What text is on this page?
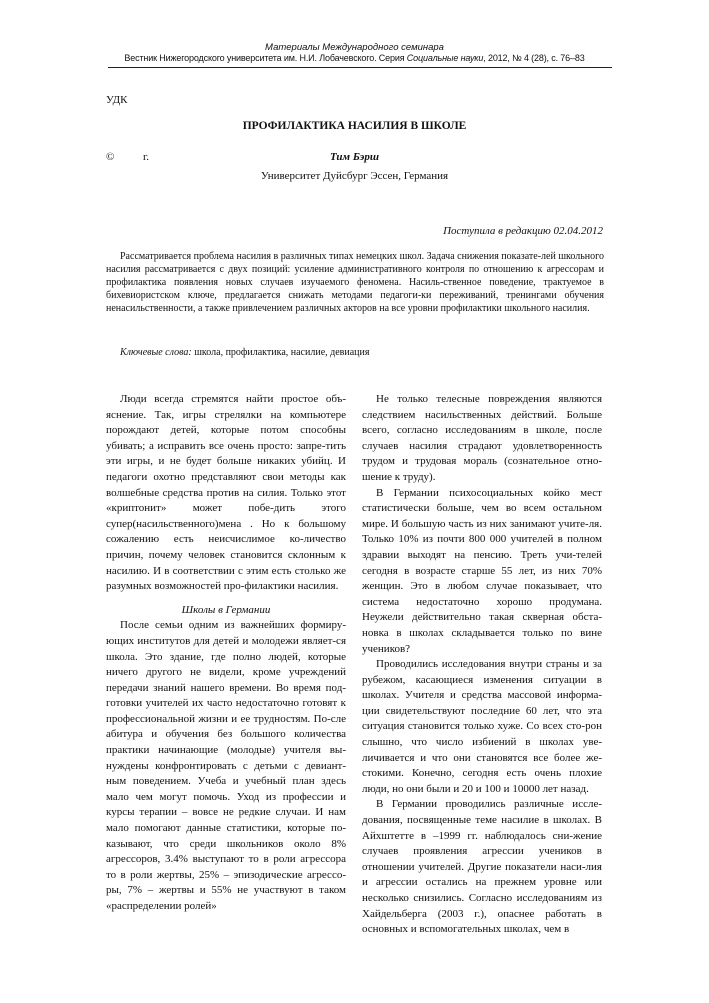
Материалы Международного семинара
Вестник Нижегородского университета им. Н.И. Лобачевского. Серия Социальные науки, 2012, № 4 (28), с. 76–83
УДК
ПРОФИЛАКТИКА НАСИЛИЯ В ШКОЛЕ
©	г.	Тим Бэрш
Университет Дуйсбург Эссен, Германия
Поступила в редакцию 02.04.2012
Рассматривается проблема насилия в различных типах немецких школ. Задача снижения показате-лей школьного насилия рассматривается с двух позиций: усиление административного контроля по отношению к агрессорам и профилактика появления новых случаев изучаемого феномена. Насиль-ственное поведение, трактуемое в бихевиористском ключе, предлагается снижать методами педагоги-ки переживаний, тренингами обучения ненасильственности, а также привлечением различных акторов на все уровни профилактики школьного насилия.
Ключевые слова: школа, профилактика, насилие, девиация

Люди всегда стремятся найти простое объ-яснение. Так, игры стрелялки на компьютере порождают детей, которые потом способны убивать; а исправить все очень просто: запре-тить эти игры, и не будет больше никаких убийц. И педагоги охотно представляют свои методы как волшебные средства против на силия. Только этот «криптонит» может побе-дить этого супер(насильственного)мена . Но к большому сожалению есть неисчислимое ко-личество причин, почему человек становится склонным к насилию. И в соответствии с этим есть столько же разумных возможностей про-филактики насилия.

Школы в Германии

После семьи одним из важнейших формиру-ющих институтов для детей и молодежи являет-ся школа. Это здание, где полно людей, которые ничего другого не видели, кроме учреждений передачи знаний нашего времени. Во время под-готовки учителей их часто недостаточно готовят к профессиональной жизни и ее трудностям. По-сле абитура и обучения без большого количества практики начинающие (молодые) учителя вы-нуждены конфронтировать с детьми с девиант-ным поведением. Учеба и учебный план здесь мало чем могут помочь. Уход из профессии и курсы терапии – вовсе не редкие случаи. И нам мало помогают данные статистики, которые по-казывают, что среди школьников около 8% агрессоров, 3.4% выступают то в роли агрессора то в роли жертвы, 25% – эпизодические агрессо-ры, 7% – жертвы и 55% не участвуют в таком «распределении ролей»

Не только телесные повреждения являются следствием насильственных действий. Больше всего, согласно исследованиям в школе, после случаев насилия страдают удовлетворенность трудом и трудовая мораль (сознательное отно-шение к труду).

В Германии психосоциальных койко мест статистически больше, чем во всем остальном мире. И большую часть из них занимают учите-ля. Только 10% из почти 800 000 учителей в полном здравии выходят на пенсию. Треть учи-телей сегодня в возрасте старше 55 лет, из них 70% женщин. Это в любом случае показывает, что система недостаточно хорошо продумана. Неужели действительно такая скверная обста-новка в школах складывается только по вине учеников?

Проводились исследования внутри страны и за рубежом, касающиеся изменения ситуации в школах. Учителя и средства массовой информа-ции свидетельствуют последние 60 лет, что эта ситуация становится только хуже. Со всех сто-рон слышно, что число избиений в школах уве-личивается и что они становятся все более же-стокими. Конечно, сегодня есть очень плохие люди, но они были и 20 и 100 и 10000 лет назад.

В Германии проводились различные иссле-дования, посвященные теме насилие в школах. В Айхштетте в –1999 гг. наблюдалось сни-жение случаев проявления агрессии учеников в отношении учителей. Другие показатели наси-лия и агрессии остались на прежнем уровне или несколько снизились. Согласно исследованиям из Хайдельберга (2003 г.), опаснее работать в основных и вспомогательных школах, чем в
